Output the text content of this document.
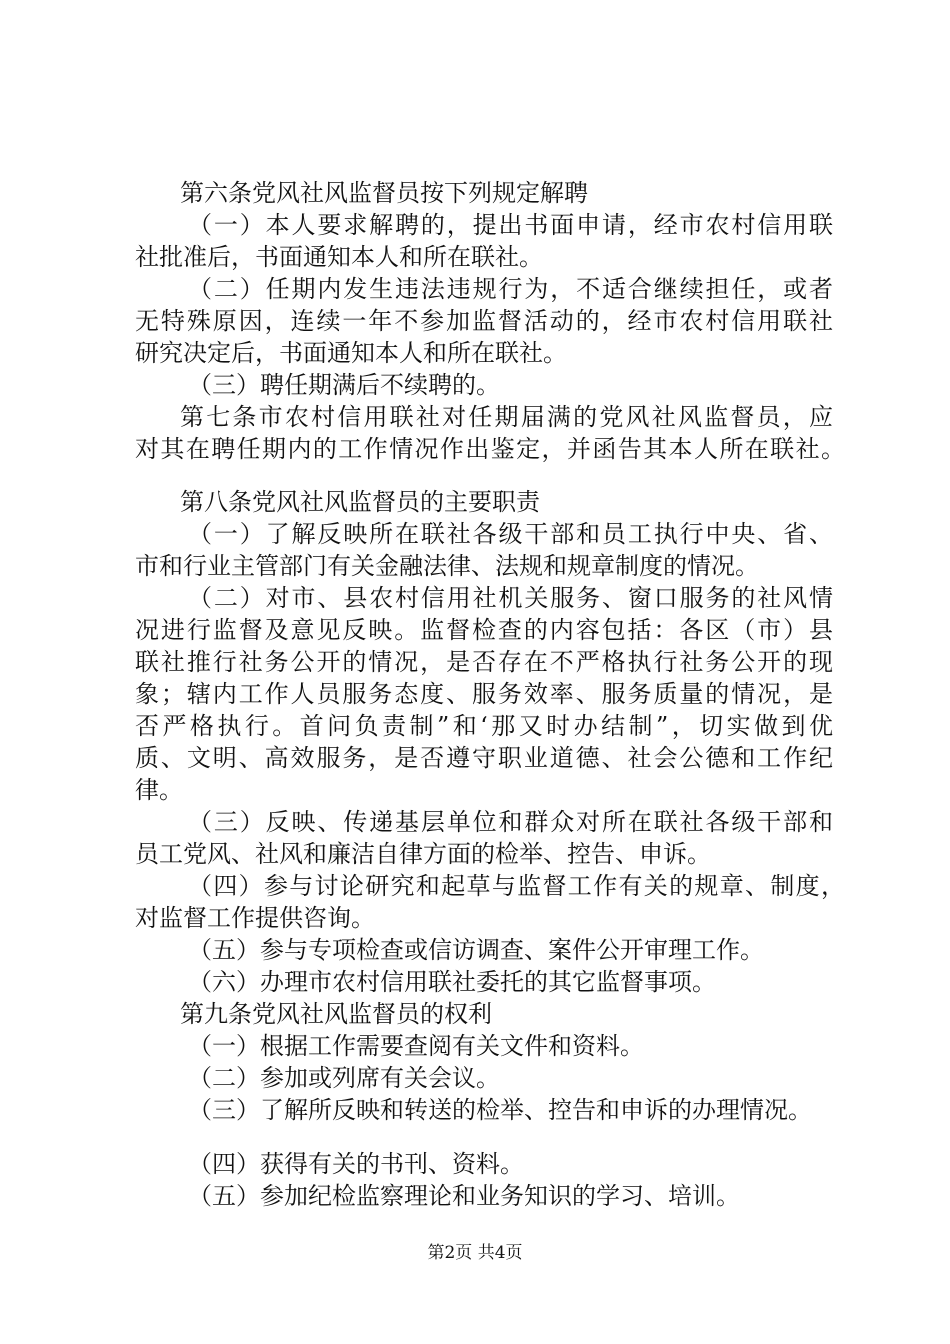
第六条党风社风监督员按下列规定解聘

（一）本人要求解聘的，提出书面申请，经市农村信用联

社批准后，书面通知本人和所在联社。

（二）任期内发生违法违规行为，不适合继续担任，或者

无特殊原因，连续一年不参加监督活动的，经市农村信用联社

研究决定后，书面通知本人和所在联社。

（三）聘任期满后不续聘的。

第七条市农村信用联社对任期届满的党风社风监督员，应

对其在聘任期内的工作情况作出鉴定，并函告其本人所在联社。

第八条党风社风监督员的主要职责

（一）了解反映所在联社各级干部和员工执行中央、省、

市和行业主管部门有关金融法律、法规和规章制度的情况。

（二）对市、县农村信用社机关服务、窗口服务的社风情

况进行监督及意见反映。监督检查的内容包括：各区（市）县

联社推行社务公开的情况，是否存在不严格执行社务公开的现

象；辖内工作人员服务态度、服务效率、服务质量的情况，是

否严格执行。首问负责制”和‘那又时办结制”，切实做到优

质、文明、高效服务，是否遵守职业道德、社会公德和工作纪

律。

（三）反映、传递基层单位和群众对所在联社各级干部和

员工党风、社风和廉洁自律方面的检举、控告、申诉。

（四）参与讨论研究和起草与监督工作有关的规章、制度，

对监督工作提供咨询。

（五）参与专项检查或信访调查、案件公开审理工作。

（六）办理市农村信用联社委托的其它监督事项。

第九条党风社风监督员的权利

（一）根据工作需要查阅有关文件和资料。

（二）参加或列席有关会议。

（三）了解所反映和转送的检举、控告和申诉的办理情况。

（四）获得有关的书刊、资料。

（五）参加纪检监察理论和业务知识的学习、培训。

第2页 共4页
